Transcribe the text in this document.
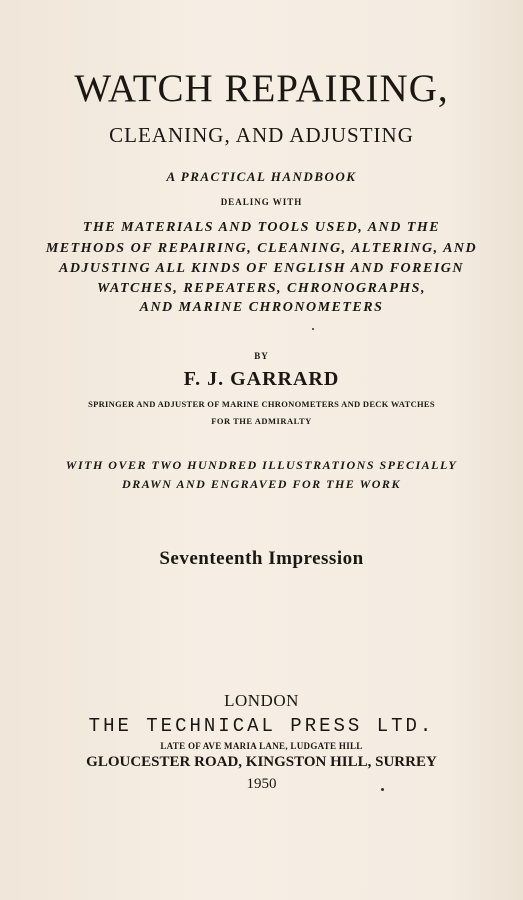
WATCH REPAIRING,
CLEANING, AND ADJUSTING
A PRACTICAL HANDBOOK
DEALING WITH
THE MATERIALS AND TOOLS USED, AND THE
METHODS OF REPAIRING, CLEANING, ALTERING, AND
ADJUSTING ALL KINDS OF ENGLISH AND FOREIGN
WATCHES, REPEATERS, CHRONOGRAPHS,
AND MARINE CHRONOMETERS
BY
F. J. GARRARD
SPRINGER AND ADJUSTER OF MARINE CHRONOMETERS AND DECK WATCHES
FOR THE ADMIRALTY
WITH OVER TWO HUNDRED ILLUSTRATIONS SPECIALLY
DRAWN AND ENGRAVED FOR THE WORK
Seventeenth Impression
LONDON
THE TECHNICAL PRESS LTD.
LATE OF AVE MARIA LANE, LUDGATE HILL
GLOUCESTER ROAD, KINGSTON HILL, SURREY
1950
